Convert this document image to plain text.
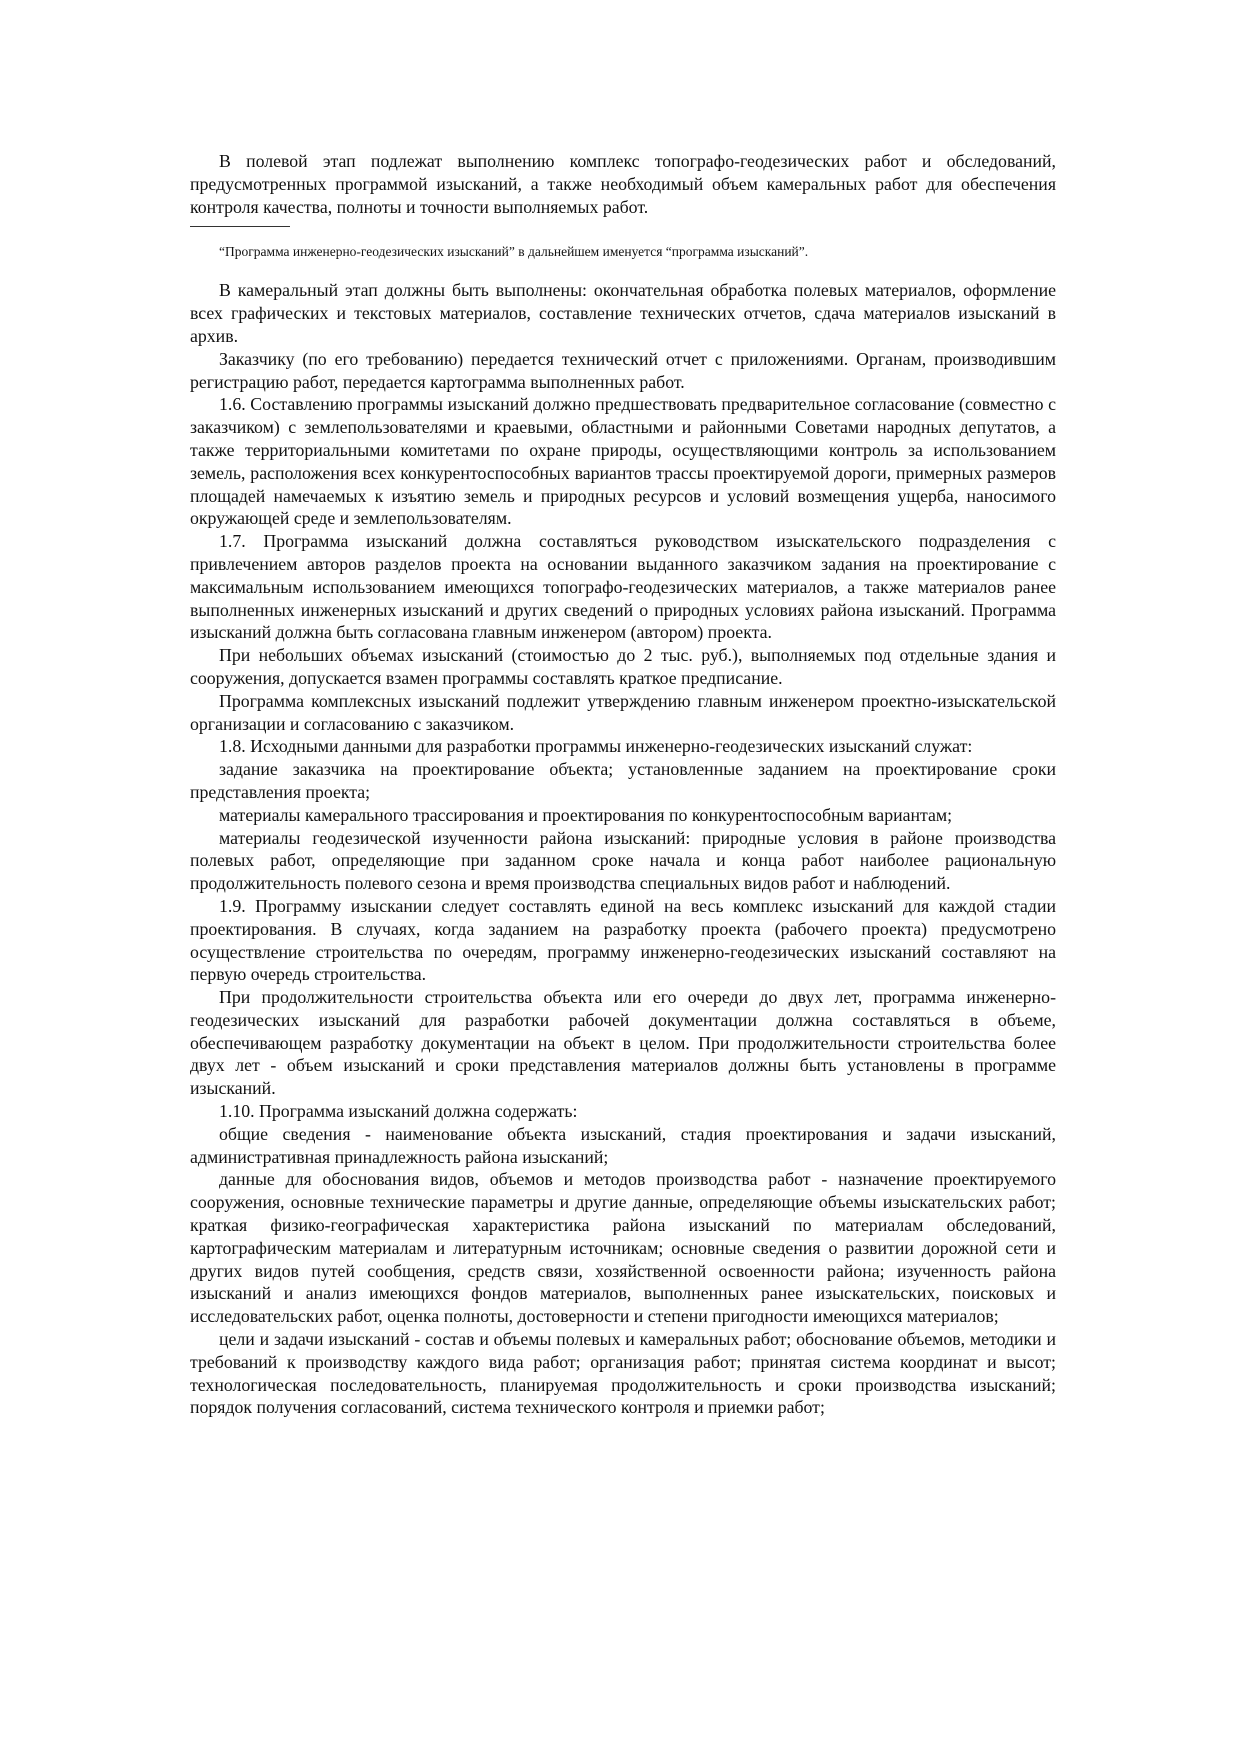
В полевой этап подлежат выполнению комплекс топографо-геодезических работ и обследований, предусмотренных программой изысканий, а также необходимый объем камеральных работ для обеспечения контроля качества, полноты и точности выполняемых работ.

“Программа инженерно-геодезических изысканий” в дальнейшем именуется “программа изысканий”.

В камеральный этап должны быть выполнены: окончательная обработка полевых материалов, оформление всех графических и текстовых материалов, составление технических отчетов, сдача материалов изысканий в архив.

Заказчику (по его требованию) передается технический отчет с приложениями. Органам, производившим регистрацию работ, передается картограмма выполненных работ.

1.6. Составлению программы изысканий должно предшествовать предварительное согласование (совместно с заказчиком) с землепользователями и краевыми, областными и районными Советами народных депутатов, а также территориальными комитетами по охране природы, осуществляющими контроль за использованием земель, расположения всех конкурентоспособных вариантов трассы проектируемой дороги, примерных размеров площадей намечаемых к изъятию земель и природных ресурсов и условий возмещения ущерба, наносимого окружающей среде и землепользователям.

1.7. Программа изысканий должна составляться руководством изыскательского подразделения с привлечением авторов разделов проекта на основании выданного заказчиком задания на проектирование с максимальным использованием имеющихся топографо-геодезических материалов, а также материалов ранее выполненных инженерных изысканий и других сведений о природных условиях района изысканий. Программа изысканий должна быть согласована главным инженером (автором) проекта.

При небольших объемах изысканий (стоимостью до 2 тыс. руб.), выполняемых под отдельные здания и сооружения, допускается взамен программы составлять краткое предписание.

Программа комплексных изысканий подлежит утверждению главным инженером проектно-изыскательской организации и согласованию с заказчиком.

1.8. Исходными данными для разработки программы инженерно-геодезических изысканий служат:

задание заказчика на проектирование объекта; установленные заданием на проектирование сроки представления проекта;

материалы камерального трассирования и проектирования по конкурентоспособным вариантам;

материалы геодезической изученности района изысканий: природные условия в районе производства полевых работ, определяющие при заданном сроке начала и конца работ наиболее рациональную продолжительность полевого сезона и время производства специальных видов работ и наблюдений.

1.9. Программу изыскании следует составлять единой на весь комплекс изысканий для каждой стадии проектирования. В случаях, когда заданием на разработку проекта (рабочего проекта) предусмотрено осуществление строительства по очередям, программу инженерно-геодезических изысканий составляют на первую очередь строительства.

При продолжительности строительства объекта или его очереди до двух лет, программа инженерно-геодезических изысканий для разработки рабочей документации должна составляться в объеме, обеспечивающем разработку документации на объект в целом. При продолжительности строительства более двух лет - объем изысканий и сроки представления материалов должны быть установлены в программе изысканий.

1.10. Программа изысканий должна содержать:

общие сведения - наименование объекта изысканий, стадия проектирования и задачи изысканий, административная принадлежность района изысканий;

данные для обоснования видов, объемов и методов производства работ - назначение проектируемого сооружения, основные технические параметры и другие данные, определяющие объемы изыскательских работ; краткая физико-географическая характеристика района изысканий по материалам обследований, картографическим материалам и литературным источникам; основные сведения о развитии дорожной сети и других видов путей сообщения, средств связи, хозяйственной освоенности района; изученность района изысканий и анализ имеющихся фондов материалов, выполненных ранее изыскательских, поисковых и исследовательских работ, оценка полноты, достоверности и степени пригодности имеющихся материалов;

цели и задачи изысканий - состав и объемы полевых и камеральных работ; обоснование объемов, методики и требований к производству каждого вида работ; организация работ; принятая система координат и высот; технологическая последовательность, планируемая продолжительность и сроки производства изысканий; порядок получения согласований, система технического контроля и приемки работ;
